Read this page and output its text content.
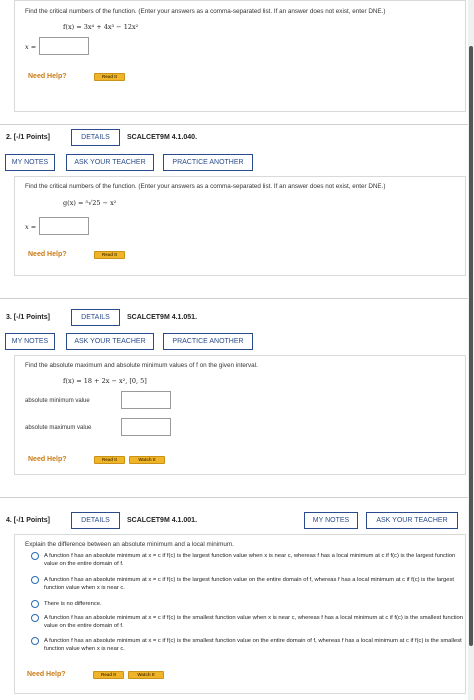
Find the critical numbers of the function. (Enter your answers as a comma-separated list. If an answer does not exist, enter DNE.)
f(x) = 3x⁴ + 4x³ − 12x²
x =
Need Help?	Read It
2. [-/1 Points]	DETAILS	SCALCET9M 4.1.040.
MY NOTES	ASK YOUR TEACHER	PRACTICE ANOTHER
Find the critical numbers of the function. (Enter your answers as a comma-separated list. If an answer does not exist, enter DNE.)
g(x) = ⁵√25 − x²
x =
Need Help?	Read It
3. [-/1 Points]	DETAILS	SCALCET9M 4.1.051.
MY NOTES	ASK YOUR TEACHER	PRACTICE ANOTHER
Find the absolute maximum and absolute minimum values of f on the given interval.
f(x) = 18 + 2x − x², [0, 5]
absolute minimum value
absolute maximum value
Need Help?	Read It	Watch It
4. [-/1 Points]	DETAILS	SCALCET9M 4.1.001.	MY NOTES	ASK YOUR TEACHER
Explain the difference between an absolute minimum and a local minimum.
A function f has an absolute minimum at x = c if f(c) is the largest function value when x is near c, whereas f has a local minimum at c if f(c) is the largest function value on the entire domain of f.
A function f has an absolute minimum at x = c if f(c) is the largest function value on the entire domain of f, whereas f has a local minimum at c if f(c) is the largest function value when x is near c.
There is no difference.
A function f has an absolute minimum at x = c if f(c) is the smallest function value when x is near c, whereas f has a local minimum at c if f(c) is the smallest function value on the entire domain of f.
A function f has an absolute minimum at x = c if f(c) is the smallest function value on the entire domain of f, whereas f has a local minimum at c if f(c) is the smallest function value when x is near c.
Need Help?	Read It	Watch It
